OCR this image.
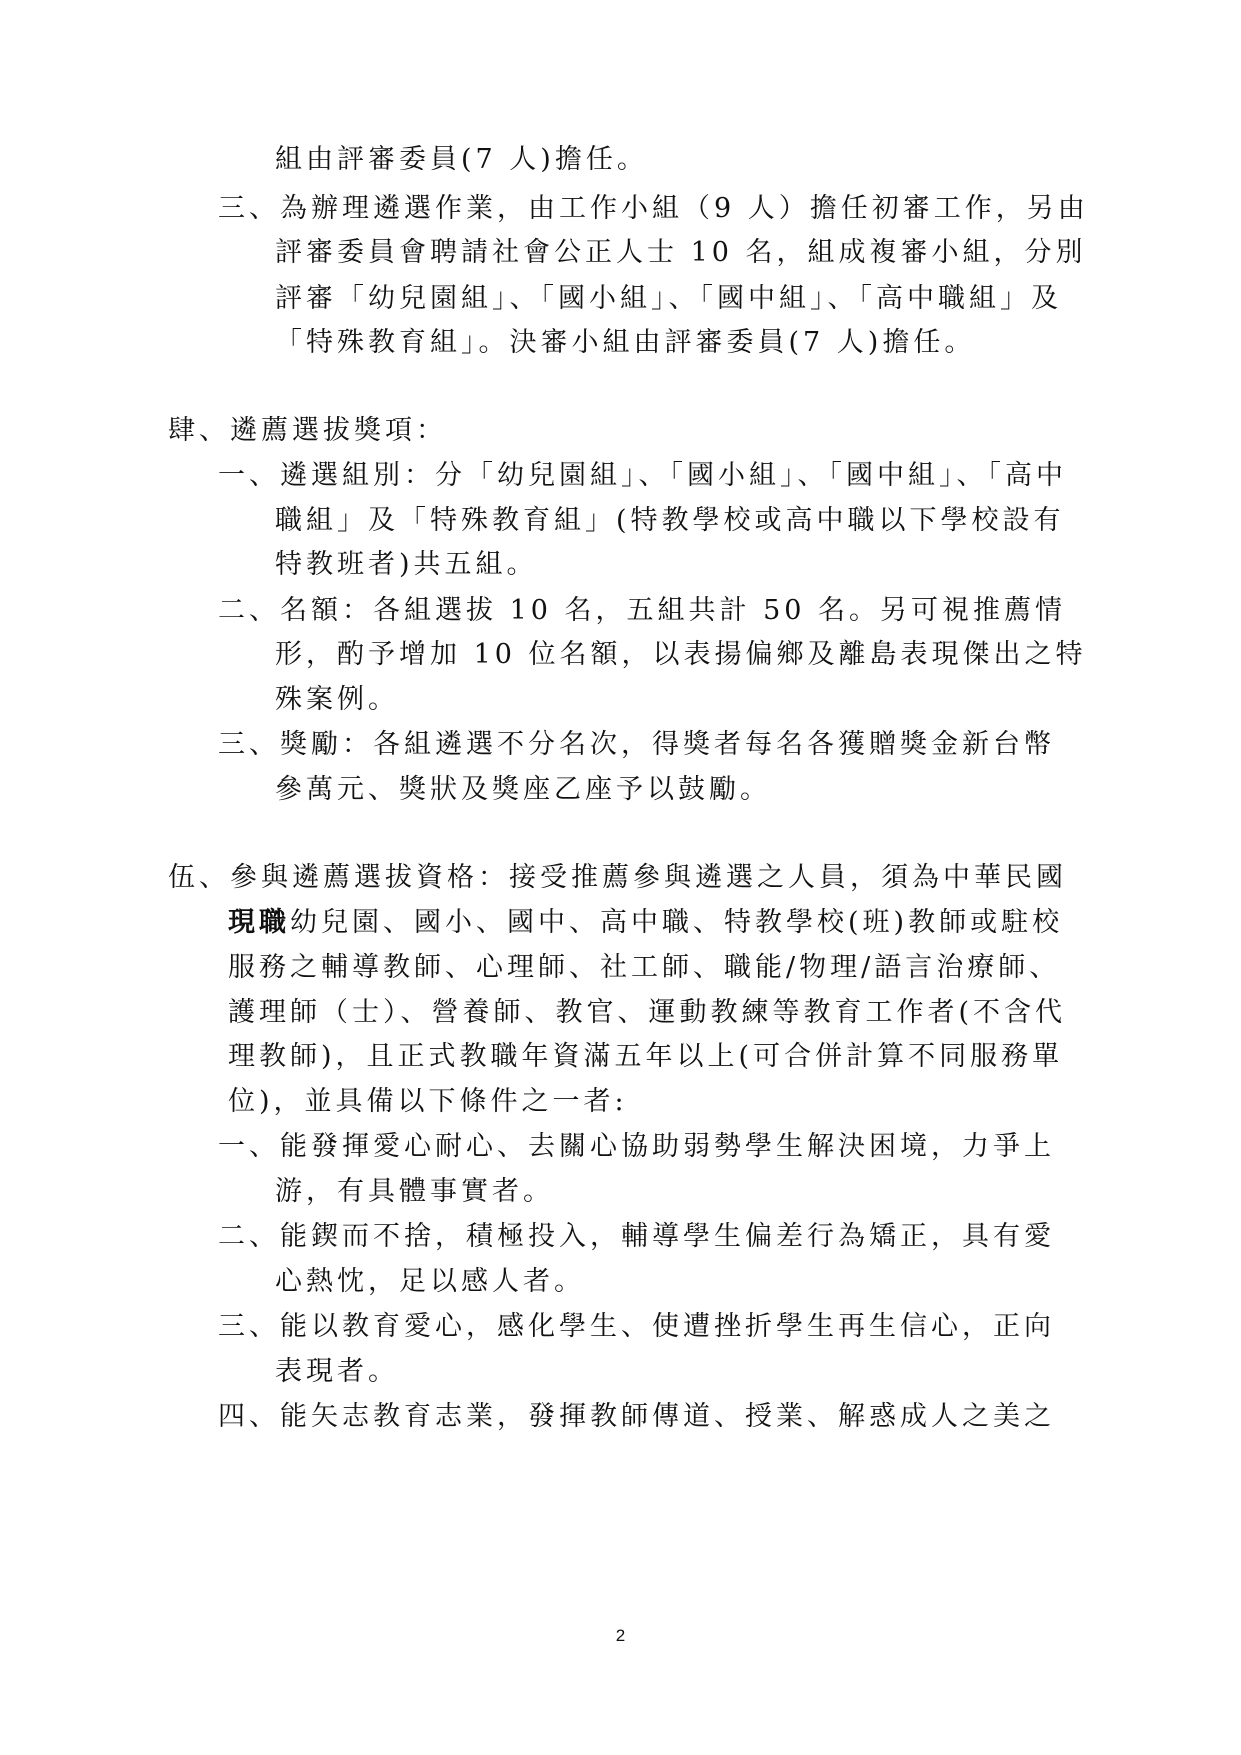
組由評審委員(7 人)擔任。
三、為辦理遴選作業，由工作小組（9 人）擔任初審工作，另由
評審委員會聘請社會公正人士 10 名，組成複審小組，分別
評審「幼兒園組」、「國小組」、「國中組」、「高中職組」及
「特殊教育組」。決審小組由評審委員(7 人)擔任。
肆、遴薦選拔獎項：
一、遴選組別：分「幼兒園組」、「國小組」、「國中組」、「高中
職組」及「特殊教育組」(特教學校或高中職以下學校設有
特教班者)共五組。
二、名額：各組選拔 10 名，五組共計 50 名。另可視推薦情
形，酌予增加 10 位名額，以表揚偏鄉及離島表現傑出之特
殊案例。
三、獎勵：各組遴選不分名次，得獎者每名各獲贈獎金新台幣
參萬元、獎狀及獎座乙座予以鼓勵。
伍、參與遴薦選拔資格：接受推薦參與遴選之人員，須為中華民國
現職幼兒園、國小、國中、高中職、特教學校(班)教師或駐校
服務之輔導教師、心理師、社工師、職能/物理/語言治療師、
護理師（士）、營養師、教官、運動教練等教育工作者(不含代
理教師)，且正式教職年資滿五年以上(可合併計算不同服務單
位)，並具備以下條件之一者:
一、能發揮愛心耐心、去關心協助弱勢學生解決困境，力爭上
游，有具體事實者。
二、能鍥而不捨，積極投入，輔導學生偏差行為矯正，具有愛
心熱忱，足以感人者。
三、能以教育愛心，感化學生、使遭挫折學生再生信心，正向
表現者。
四、能矢志教育志業，發揮教師傳道、授業、解惑成人之美之
2
